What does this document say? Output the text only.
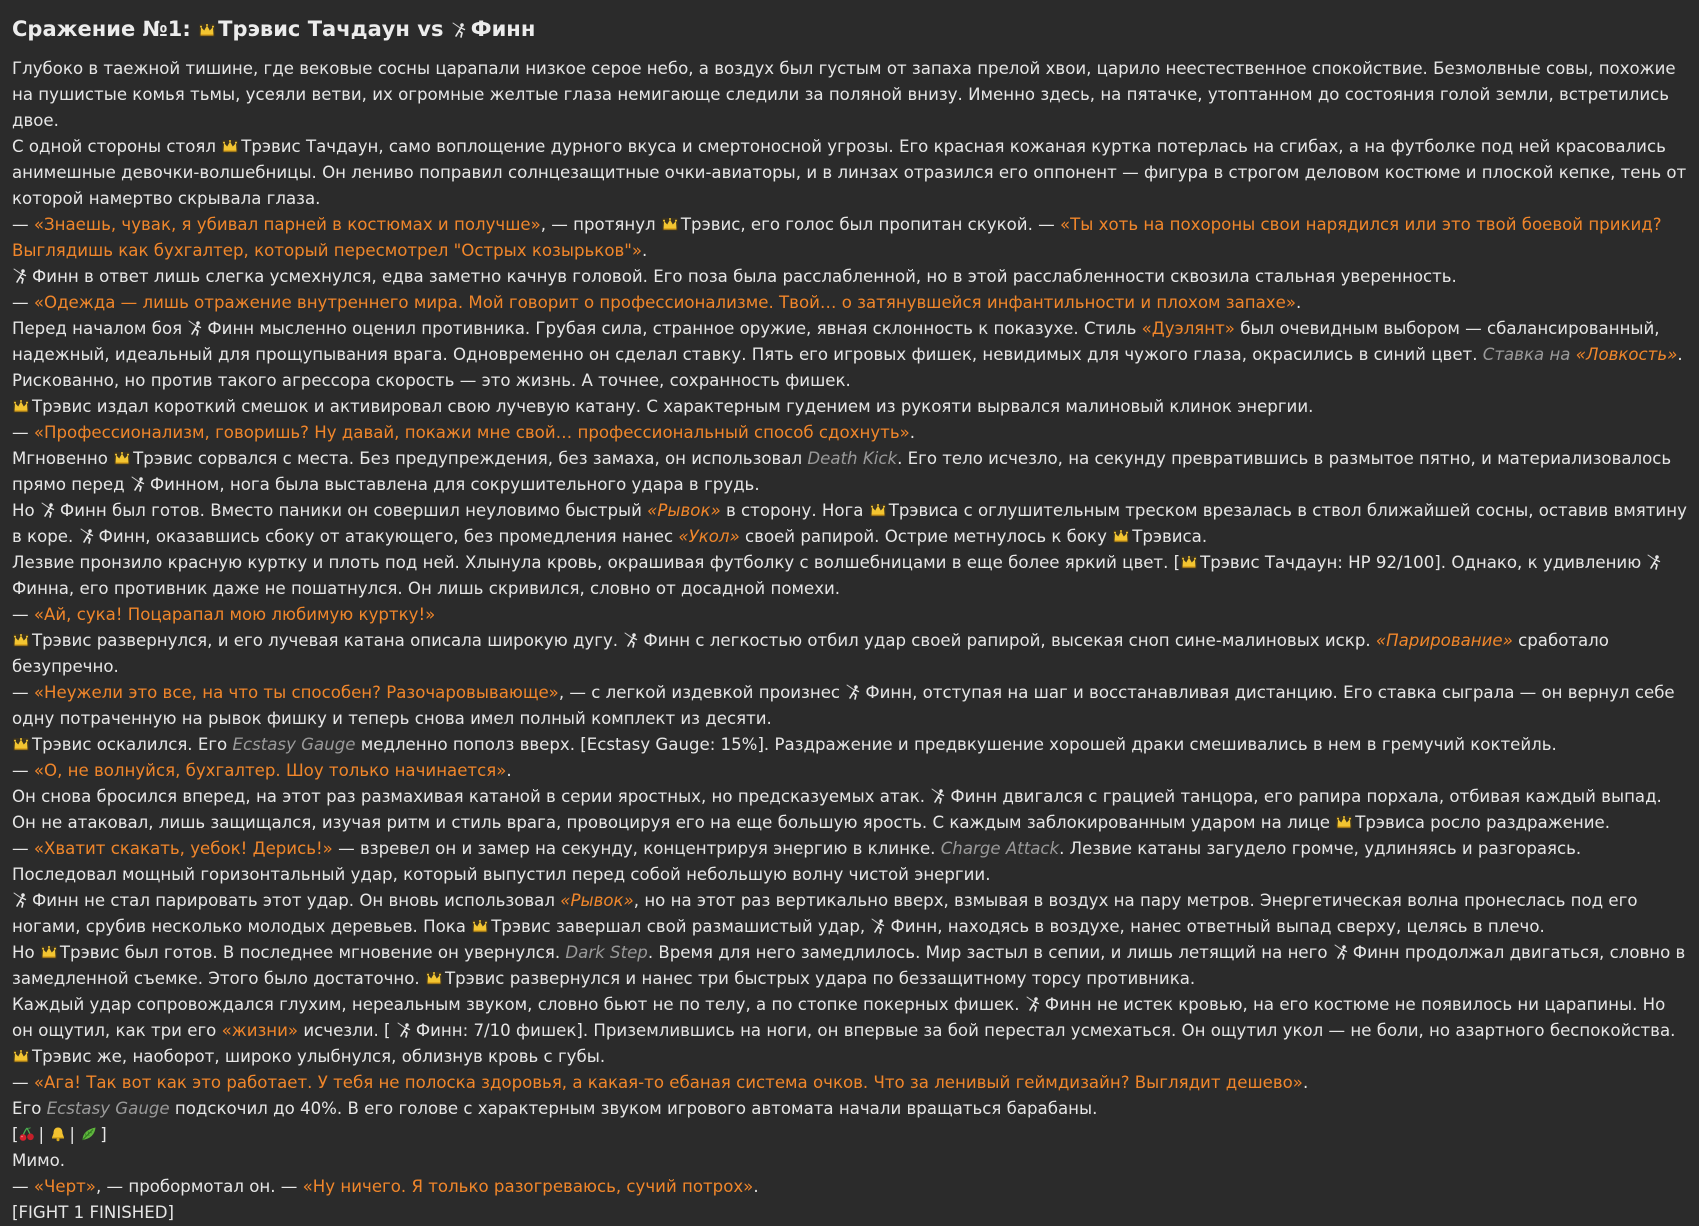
Сражение №1: Трэвис Тачдаун vs Финн

Глубоко в таежной тишине, где вековые сосны царапали низкое серое небо, а воздух был густым от запаха прелой хвои, царило неестественное спокойствие. Безмолвные совы, похожие на пушистые комья тьмы, усеяли ветви, их огромные желтые глаза немигающе следили за поляной внизу. Именно здесь, на пятачке, утоптанном до состояния голой земли, встретились двое.

С одной стороны стоял Трэвис Тачдаун, само воплощение дурного вкуса и смертоносной угрозы. Его красная кожаная куртка потерлась на сгибах, а на футболке под ней красовались анимешные девочки-волшебницы. Он лениво поправил солнцезащитные очки-авиаторы, и в линзах отразился его оппонент — фигура в строгом деловом костюме и плоской кепке, тень от которой намертво скрывала глаза.

— «Знаешь, чувак, я убивал парней в костюмах и получше», — протянул Трэвис, его голос был пропитан скукой. — «Ты хоть на похороны свои нарядился или это твой боевой прикид? Выглядишь как бухгалтер, который пересмотрел "Острых козырьков"».

Финн в ответ лишь слегка усмехнулся, едва заметно качнув головой. Его поза была расслабленной, но в этой расслабленности сквозила стальная уверенность.

— «Одежда — лишь отражение внутреннего мира. Мой говорит о профессионализме. Твой… о затянувшейся инфантильности и плохом запахе».

Перед началом боя Финн мысленно оценил противника. Грубая сила, странное оружие, явная склонность к показухе. Стиль «Дуэлянт» был очевидным выбором — сбалансированный, надежный, идеальный для прощупывания врага. Одновременно он сделал ставку. Пять его игровых фишек, невидимых для чужого глаза, окрасились в синий цвет. Ставка на «Ловкость». Рискованно, но против такого агрессора скорость — это жизнь. А точнее, сохранность фишек.

Трэвис издал короткий смешок и активировал свою лучевую катану. С характерным гудением из рукояти вырвался малиновый клинок энергии.

— «Профессионализм, говоришь? Ну давай, покажи мне свой… профессиональный способ сдохнуть».

Мгновенно Трэвис сорвался с места. Без предупреждения, без замаха, он использовал Death Kick. Его тело исчезло, на секунду превратившись в размытое пятно, и материализовалось прямо перед Финном, нога была выставлена для сокрушительного удара в грудь.

Но Финн был готов. Вместо паники он совершил неуловимо быстрый «Рывок» в сторону. Нога Трэвиса с оглушительным треском врезалась в ствол ближайшей сосны, оставив вмятину в коре. Финн, оказавшись сбоку от атакующего, без промедления нанес «Укол» своей рапирой. Острие метнулось к боку Трэвиса.

Лезвие пронзило красную куртку и плоть под ней. Хлынула кровь, окрашивая футболку с волшебницами в еще более яркий цвет. [ Трэвис Тачдаун: HP 92/100]. Однако, к удивлению
Финна, его противник даже не пошатнулся. Он лишь скривился, словно от досадной помехи.

— «Ай, сука! Поцарапал мою любимую куртку!»

Трэвис развернулся, и его лучевая катана описала широкую дугу. Финн с легкостью отбил удар своей рапирой, высекая сноп сине-малиновых искр. «Парирование» сработало безупречно.

— «Неужели это все, на что ты способен? Разочаровывающе», — с легкой издевкой произнес Финн, отступая на шаг и восстанавливая дистанцию. Его ставка сыграла — он вернул себе одну потраченную на рывок фишку и теперь снова имел полный комплект из десяти.

Трэвис оскалился. Его Ecstasy Gauge медленно пополз вверх. [Ecstasy Gauge: 15%]. Раздражение и предвкушение хорошей драки смешивались в нем в гремучий коктейль.

— «О, не волнуйся, бухгалтер. Шоу только начинается».

Он снова бросился вперед, на этот раз размахивая катаной в серии яростных, но предсказуемых атак. Финн двигался с грацией танцора, его рапира порхала, отбивая каждый выпад. Он не атаковал, лишь защищался, изучая ритм и стиль врага, провоцируя его на еще большую ярость. С каждым заблокированным ударом на лице Трэвиса росло раздражение.

— «Хватит скакать, уебок! Дерись!» — взревел он и замер на секунду, концентрируя энергию в клинке. Charge Attack. Лезвие катаны загудело громче, удлиняясь и разгораясь. Последовал мощный горизонтальный удар, который выпустил перед собой небольшую волну чистой энергии.

Финн не стал парировать этот удар. Он вновь использовал «Рывок», но на этот раз вертикально вверх, взмывая в воздух на пару метров. Энергетическая волна пронеслась под его ногами, срубив несколько молодых деревьев. Пока Трэвис завершал свой размашистый удар, Финн, находясь в воздухе, нанес ответный выпад сверху, целясь в плечо.

Но Трэвис был готов. В последнее мгновение он увернулся. Dark Step. Время для него замедлилось. Мир застыл в сепии, и лишь летящий на него Финн продолжал двигаться, словно в замедленной съемке. Этого было достаточно. Трэвис развернулся и нанес три быстрых удара по беззащитному торсу противника.

Каждый удар сопровождался глухим, нереальным звуком, словно бьют не по телу, а по стопке покерных фишек. Финн не истек кровью, на его костюме не появилось ни царапины. Но он ощутил, как три его «жизни» исчезли. [ Финн: 7/10 фишек]. Приземлившись на ноги, он впервые за бой перестал усмехаться. Он ощутил укол — не боли, но азартного беспокойства.

Трэвис же, наоборот, широко улыбнулся, облизнув кровь с губы.

— «Ага! Так вот как это работает. У тебя не полоска здоровья, а какая-то ебаная система очков. Что за ленивый геймдизайн? Выглядит дешево».

Его Ecstasy Gauge подскочил до 40%. В его голове с характерным звуком игрового автомата начали вращаться барабаны.

[ | | ]

Мимо.

— «Черт», — пробормотал он. — «Ну ничего. Я только разогреваюсь, сучий потрох».

[FIGHT 1 FINISHED]
